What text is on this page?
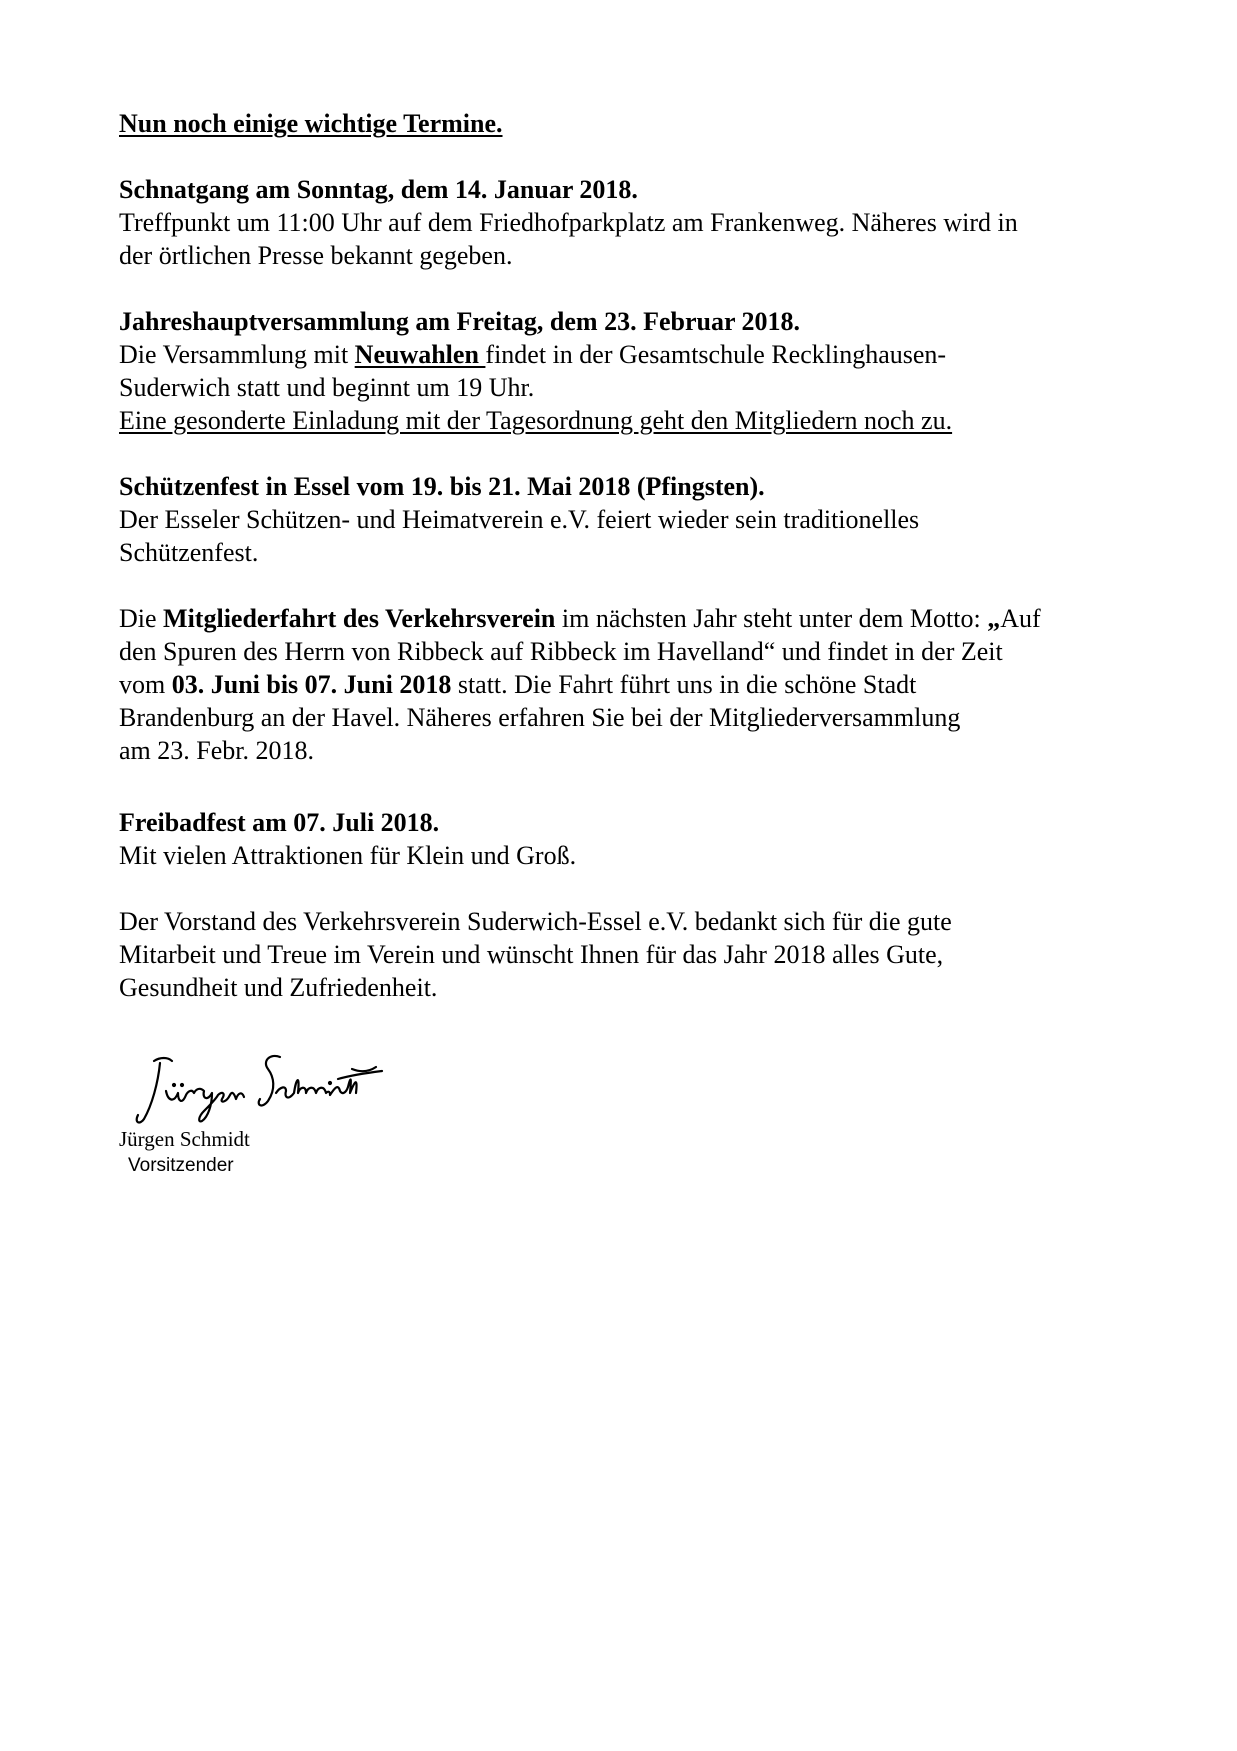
Nun noch einige wichtige Termine.
Schnatgang am Sonntag, dem 14. Januar 2018.
Treffpunkt um 11:00 Uhr auf dem Friedhofparkplatz am Frankenweg. Näheres wird in
der örtlichen Presse bekannt gegeben.
Jahreshauptversammlung am Freitag, dem 23. Februar 2018.
Die Versammlung mit Neuwahlen findet in der Gesamtschule Recklinghausen-
Suderwich statt und beginnt um 19 Uhr.
Eine gesonderte Einladung mit der Tagesordnung geht den Mitgliedern noch zu.
Schützenfest in Essel vom 19. bis 21. Mai 2018 (Pfingsten).
Der Esseler Schützen- und Heimatverein e.V. feiert wieder sein traditionelles
Schützenfest.
Die Mitgliederfahrt des Verkehrsverein im nächsten Jahr steht unter dem Motto: „Auf
den Spuren des Herrn von Ribbeck auf Ribbeck im Havelland“ und findet in der Zeit
vom 03. Juni bis 07. Juni 2018 statt. Die Fahrt führt uns in die schöne Stadt
Brandenburg an der Havel. Näheres erfahren Sie bei der Mitgliederversammlung
am 23. Febr. 2018.
Freibadfest am 07. Juli 2018.
Mit vielen Attraktionen für Klein und Groß.
Der Vorstand des Verkehrsverein Suderwich-Essel e.V. bedankt sich für die gute
Mitarbeit und Treue im Verein und wünscht Ihnen für das Jahr 2018 alles Gute,
Gesundheit und Zufriedenheit.
Jürgen Schmidt
Vorsitzender
